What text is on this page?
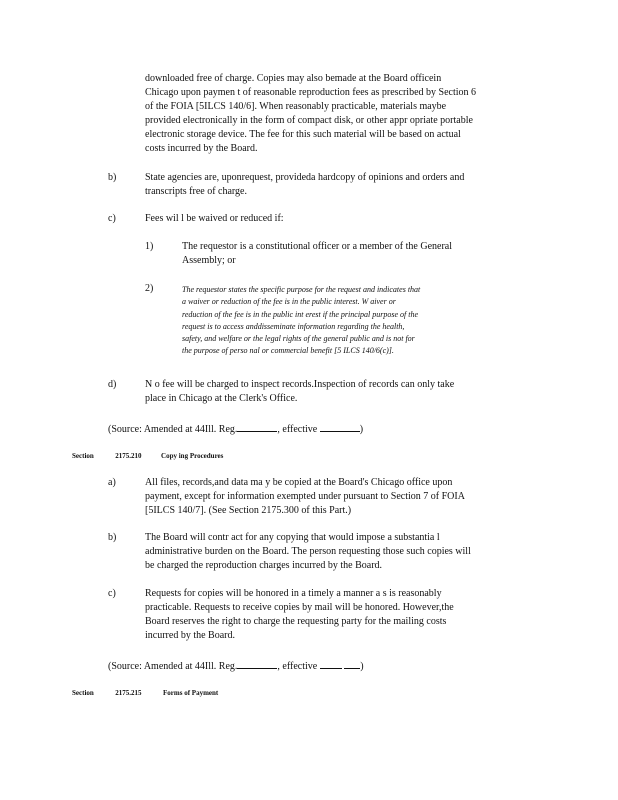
downloaded free of charge. Copies may also bemade at the Board officein
Chicago upon paymen t of reasonable reproduction fees as prescribed by Section 6
of the FOIA [5ILCS 140/6]. When reasonably practicable, materials maybe
provided electronically in the form of compact disk, or other appr opriate portable
electronic storage device. The fee for this such material will be based on actual
costs incurred by the Board.
b)	State agencies are, uponrequest, provideda hardcopy of opinions and orders and
transcripts free of charge.
c)	Fees wil l be waived or reduced if:
1)	The requestor is a constitutional officer or a member of the General
Assembly; or
2)	The requestor states the specific purpose for the request and indicates that
a waiver or reduction of the fee is in the public interest. W aiver or
reduction of the fee is in the public int erest if the principal purpose of the
request is to access anddisseminate information regarding the health,
safety, and welfare or the legal rights of the general public and is not for
the purpose of perso nal or commercial benefit [5 ILCS 140/6(c)].
d)	N o fee will be charged to inspect records.Inspection of records can only take
place in Chicago at the Clerk's Office.
(Source: Amended at 44Ill. Reg.	, effective	)
Section	2175.210	Copy ing Procedures
a)	All files, records,and data ma y be copied at the Board's Chicago office upon
payment, except for information exempted under pursuant to Section 7 of FOIA
[5ILCS 140/7]. (See Section 2175.300 of this Part.)
b)	The Board will contr act for any copying that would impose a substantia l
administrative burden on the Board. The person requesting those such copies will
be charged the reproduction charges incurred by the Board.
c)	Requests for copies will be honored in a timely a manner a s is reasonably
practicable. Requests to receive copies by mail will be honored. However,the
Board reserves the right to charge the requesting party for the mailing costs
incurred by the Board.
(Source: Amended at 44Ill. Reg.	, effective	)
Section	2175.215	Forms of Payment
